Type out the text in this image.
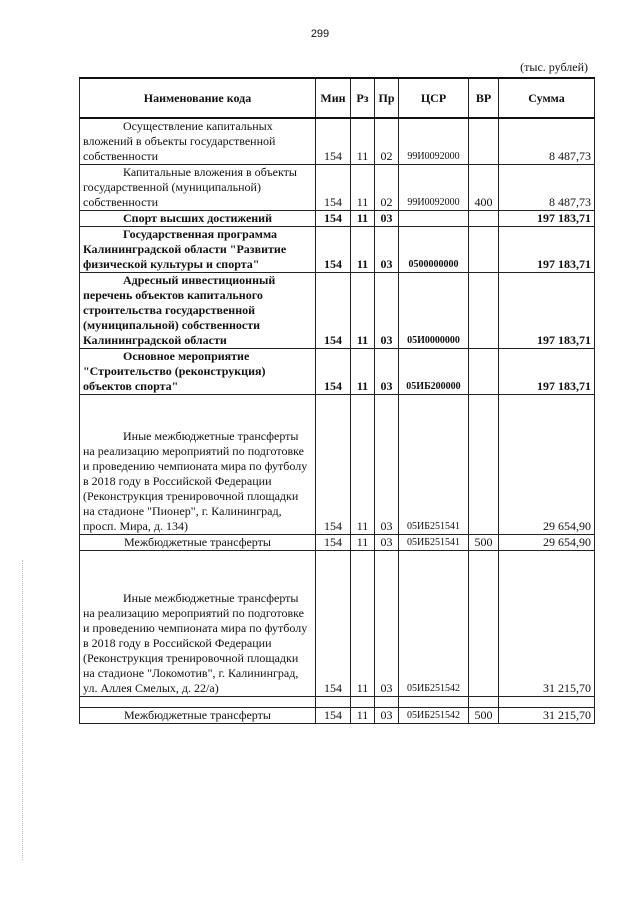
299
(тыс. рублей)
Наименование кода	Мин	Рз	Пр	ЦСР	ВР	Сумма
Осуществление капитальных вложений в объекты государственной собственности	154	11	02	99И0092000		8 487,73
Капитальные вложения в объекты государственной (муниципальной) собственности	154	11	02	99И0092000	400	8 487,73
Спорт высших достижений	154	11	03			197 183,71
Государственная программа Калининградской области "Развитие физической культуры и спорта"	154	11	03	0500000000		197 183,71
Адресный инвестиционный перечень объектов капитального строительства государственной (муниципальной) собственности Калининградской области	154	11	03	05И0000000		197 183,71
Основное мероприятие "Строительство (реконструкция) объектов спорта"	154	11	03	05ИБ200000		197 183,71
Иные межбюджетные трансферты на реализацию мероприятий по подготовке и проведению чемпионата мира по футболу в 2018 году в Российской Федерации (Реконструкция тренировочной площадки на стадионе "Пионер", г. Калининград, просп. Мира, д. 134)	154	11	03	05ИБ251541		29 654,90
Межбюджетные трансферты	154	11	03	05ИБ251541	500	29 654,90
Иные межбюджетные трансферты на реализацию мероприятий по подготовке и проведению чемпионата мира по футболу в 2018 году в Российской Федерации (Реконструкция тренировочной площадки на стадионе "Локомотив", г. Калининград, ул. Аллея Смелых, д. 22/а)	154	11	03	05ИБ251542		31 215,70

Межбюджетные трансферты	154	11	03	05ИБ251542	500	31 215,70
